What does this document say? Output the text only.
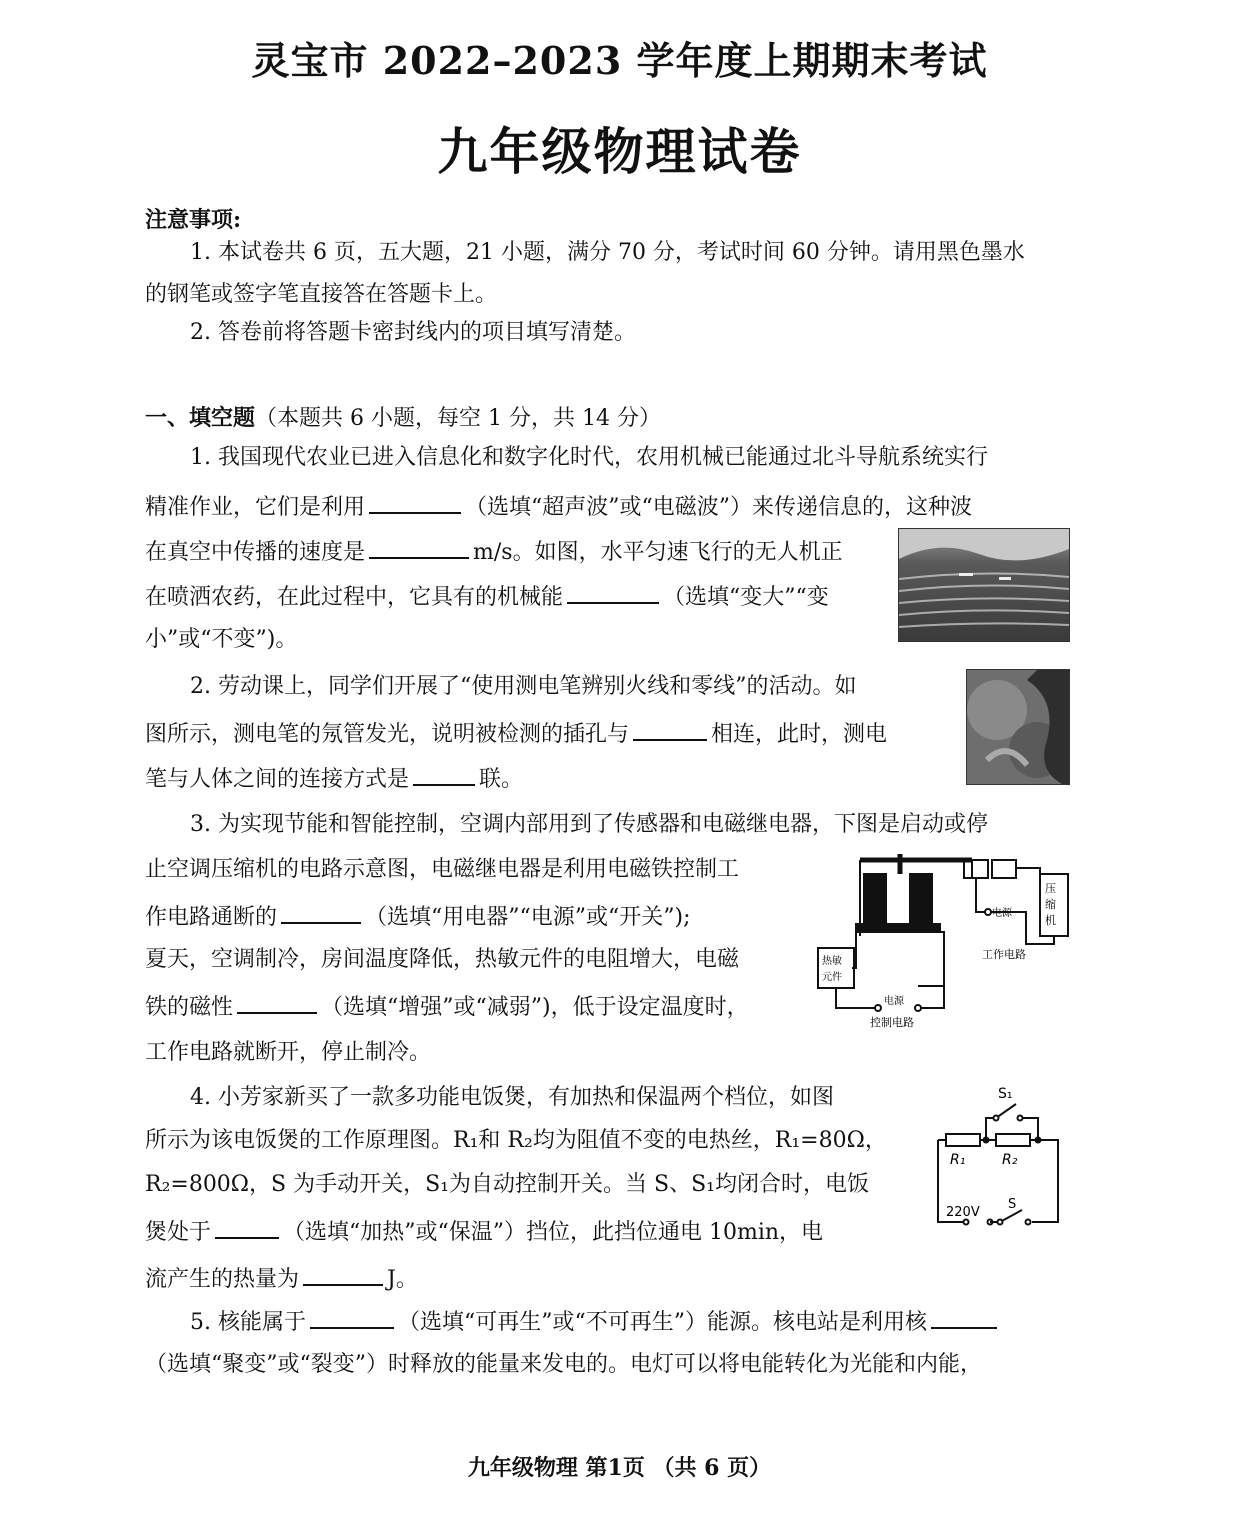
灵宝市 2022–2023 学年度上期期末考试
九年级物理试卷
注意事项:
1. 本试卷共 6 页，五大题，21 小题，满分 70 分，考试时间 60 分钟。请用黑色墨水
的钢笔或签字笔直接答在答题卡上。
2. 答卷前将答题卡密封线内的项目填写清楚。
一、填空题（本题共 6 小题，每空 1 分，共 14 分）
1. 我国现代农业已进入信息化和数字化时代，农用机械已能通过北斗导航系统实行
精准作业，它们是利用	（选填“超声波”或“电磁波”）来传递信息的，这种波
在真空中传播的速度是	m/s。如图，水平匀速飞行的无人机正
在喷洒农药，在此过程中，它具有的机械能	（选填“变大”“变
小”或“不变”)。
2. 劳动课上，同学们开展了“使用测电笔辨别火线和零线”的活动。如
图所示，测电笔的氖管发光，说明被检测的插孔与	相连，此时，测电
笔与人体之间的连接方式是	联。
3. 为实现节能和智能控制，空调内部用到了传感器和电磁继电器，下图是启动或停
止空调压缩机的电路示意图，电磁继电器是利用电磁铁控制工
作电路通断的	（选填“用电器”“电源”或“开关”);
夏天，空调制冷，房间温度降低，热敏元件的电阻增大，电磁
铁的磁性	（选填“增强”或“减弱”)，低于设定温度时，
工作电路就断开，停止制冷。
压
缩
机
电源
工作电路
热敏
元件
电源
控制电路
4. 小芳家新买了一款多功能电饭煲，有加热和保温两个档位，如图
所示为该电饭煲的工作原理图。R₁和 R₂均为阻值不变的电热丝，R₁=80Ω，
R₂=800Ω，S 为手动开关，S₁为自动控制开关。当 S、S₁均闭合时，电饭
煲处于	（选填“加热”或“保温”）挡位，此挡位通电 10min，电
流产生的热量为	J。
S₁
R₁	R₂
220V
S
5. 核能属于	（选填“可再生”或“不可再生”）能源。核电站是利用核
（选填“聚变”或“裂变”）时释放的能量来发电的。电灯可以将电能转化为光能和内能，
九年级物理 第1页 （共 6 页）
